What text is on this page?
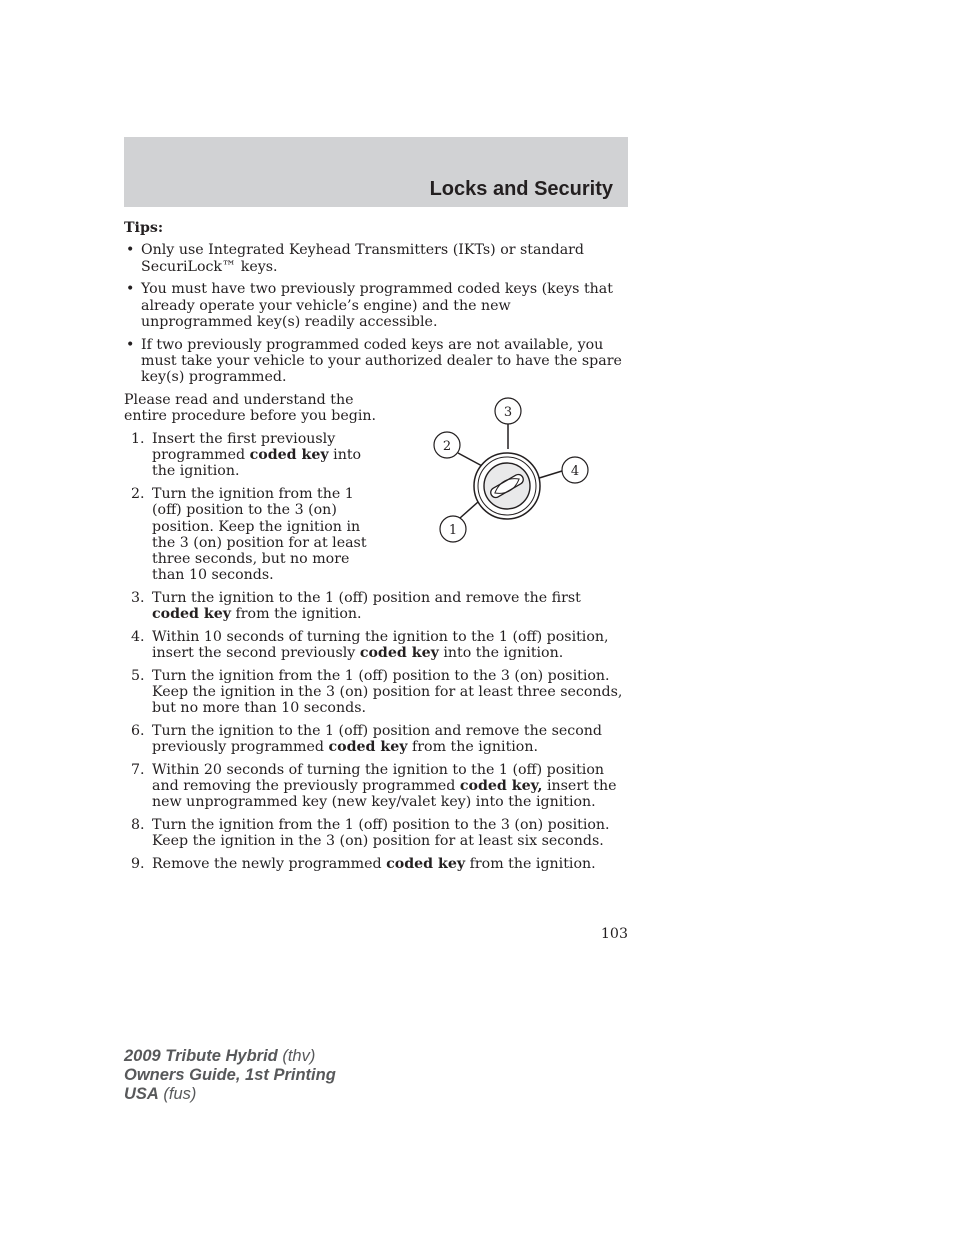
Locks and Security

Tips:

• Only use Integrated Keyhead Transmitters (IKTs) or standard SecuriLock™ keys.
• You must have two previously programmed coded keys (keys that already operate your vehicle’s engine) and the new unprogrammed key(s) readily accessible.
• If two previously programmed coded keys are not available, you must take your vehicle to your authorized dealer to have the spare key(s) programmed.

Please read and understand the entire procedure before you begin.

1. Insert the first previously programmed coded key into the ignition.
2. Turn the ignition from the 1 (off) position to the 3 (on) position. Keep the ignition in the 3 (on) position for at least three seconds, but no more than 10 seconds.
3. Turn the ignition to the 1 (off) position and remove the first coded key from the ignition.
4. Within 10 seconds of turning the ignition to the 1 (off) position, insert the second previously coded key into the ignition.
5. Turn the ignition from the 1 (off) position to the 3 (on) position. Keep the ignition in the 3 (on) position for at least three seconds, but no more than 10 seconds.
6. Turn the ignition to the 1 (off) position and remove the second previously programmed coded key from the ignition.
7. Within 20 seconds of turning the ignition to the 1 (off) position and removing the previously programmed coded key, insert the new unprogrammed key (new key/valet key) into the ignition.
8. Turn the ignition from the 1 (off) position to the 3 (on) position. Keep the ignition in the 3 (on) position for at least six seconds.
9. Remove the newly programmed coded key from the ignition.
3
2
4
1
103
2009 Tribute Hybrid (thv)
Owners Guide, 1st Printing
USA (fus)
